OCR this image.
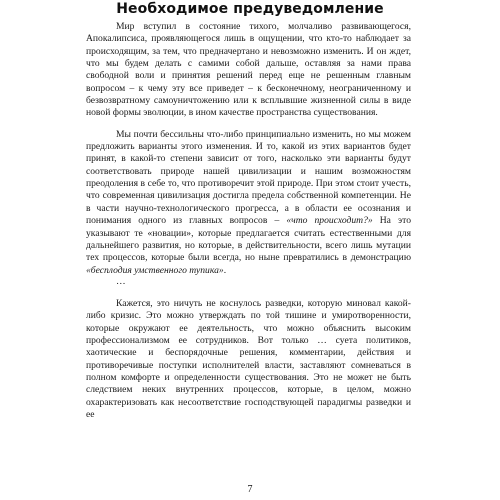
Необходимое предуведомление

Мир вступил в состояние тихого, молчаливо развивающегося, Апокалипсиса, проявляющегося лишь в ощущении, что кто-то наблюдает за происходящим, за тем, что предначертано и невозможно изменить. И он ждет, что мы будем делать с самими собой дальше, оставляя за нами права свободной воли и принятия решений перед еще не решенным главным вопросом – к чему эту все приведет – к бесконечному, неограниченному и безвозвратному самоуничтожению или к всплывшие жизненной силы в виде новой формы эволюции, в ином качестве пространства существования.

Мы почти бессильны что-либо принципиально изменить, но мы можем предложить варианты этого изменения. И то, какой из этих вариантов будет принят, в какой-то степени зависит от того, насколько эти варианты будут соответствовать природе нашей цивилизации и нашим возможностям преодоления в себе то, что противоречит этой природе. При этом стоит учесть, что современная цивилизация достигла предела собственной компетенции. Не в части научно-технологического прогресса, а в области ее осознания и понимания одного из главных вопросов – «что происходит?» На это указывают те «новации», которые предлагается считать естественными для дальнейшего развития, но которые, в действительности, всего лишь мутации тех процессов, которые были всегда, но ныне превратились в демонстрацию «бесплодия умственного тупика».

…

Кажется, это ничуть не коснулось разведки, которую миновал какой-либо кризис. Это можно утверждать по той тишине и умиротворенности, которые окружают ее деятельность, что можно объяснить высоким профессионализмом ее сотрудников. Вот только … суета политиков, хаотические и беспорядочные решения, комментарии, действия и противоречивые поступки исполнителей власти, заставляют сомневаться в полном комфорте и определенности существования. Это не может не быть следствием неких внутренних процессов, которые, в целом, можно охарактеризовать как несоответствие господствующей парадигмы разведки и ее

7
